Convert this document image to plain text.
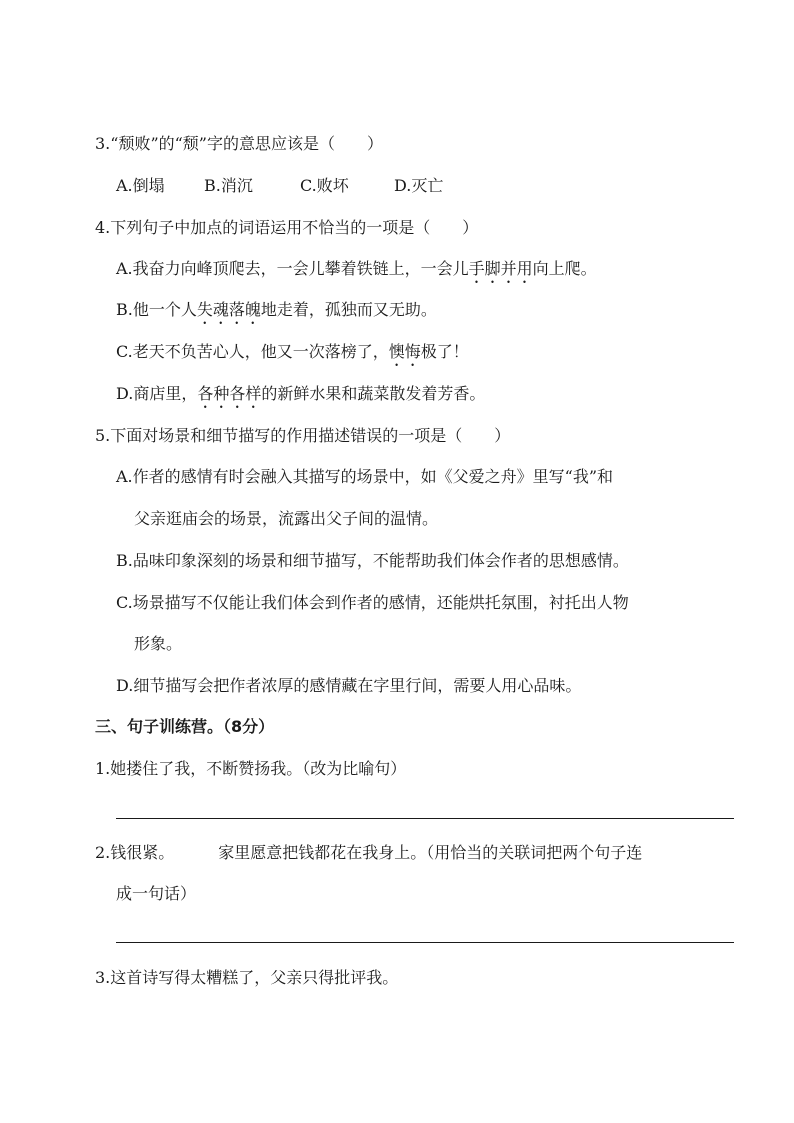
3.“颓败”的“颓”字的意思应该是（　　）
A.倒塌 B.消沉	C.败坏	D.灭亡
4.下列句子中加点的词语运用不恰当的一项是（　　）
A.我奋力向峰顶爬去，一会儿攀着铁链上，一会儿手脚并用向上爬。
B.他一个人失魂落魄地走着，孤独而又无助。
C.老天不负苦心人，他又一次落榜了，懊悔极了！
D.商店里，各种各样的新鲜水果和蔬菜散发着芳香。
5.下面对场景和细节描写的作用描述错误的一项是（　　）
A.作者的感情有时会融入其描写的场景中，如《父爱之舟》里写“我”和
父亲逛庙会的场景，流露出父子间的温情。
B.品味印象深刻的场景和细节描写，不能帮助我们体会作者的思想感情。
C.场景描写不仅能让我们体会到作者的感情，还能烘托氛围，衬托出人物
形象。
D.细节描写会把作者浓厚的感情藏在字里行间，需要人用心品味。
三、句子训练营。（8分）
1.她搂住了我，不断赞扬我。（改为比喻句）
2.钱很紧。	家里愿意把钱都花在我身上。（用恰当的关联词把两个句子连
成一句话）
3.这首诗写得太糟糕了，父亲只得批评我。
